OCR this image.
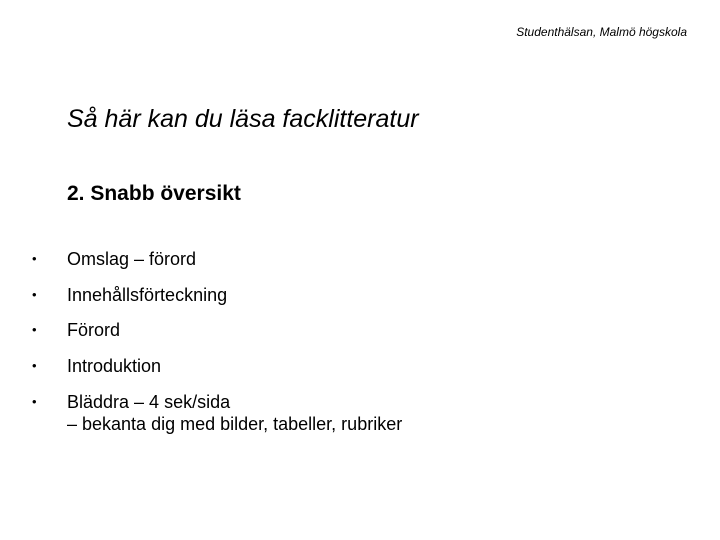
Studenthälsan, Malmö högskola
Så här kan du läsa facklitteratur
2. Snabb översikt
• Omslag – förord
• Innehållsförteckning
• Förord
• Introduktion
• Bläddra – 4 sek/sida
– bekanta dig med bilder, tabeller, rubriker
